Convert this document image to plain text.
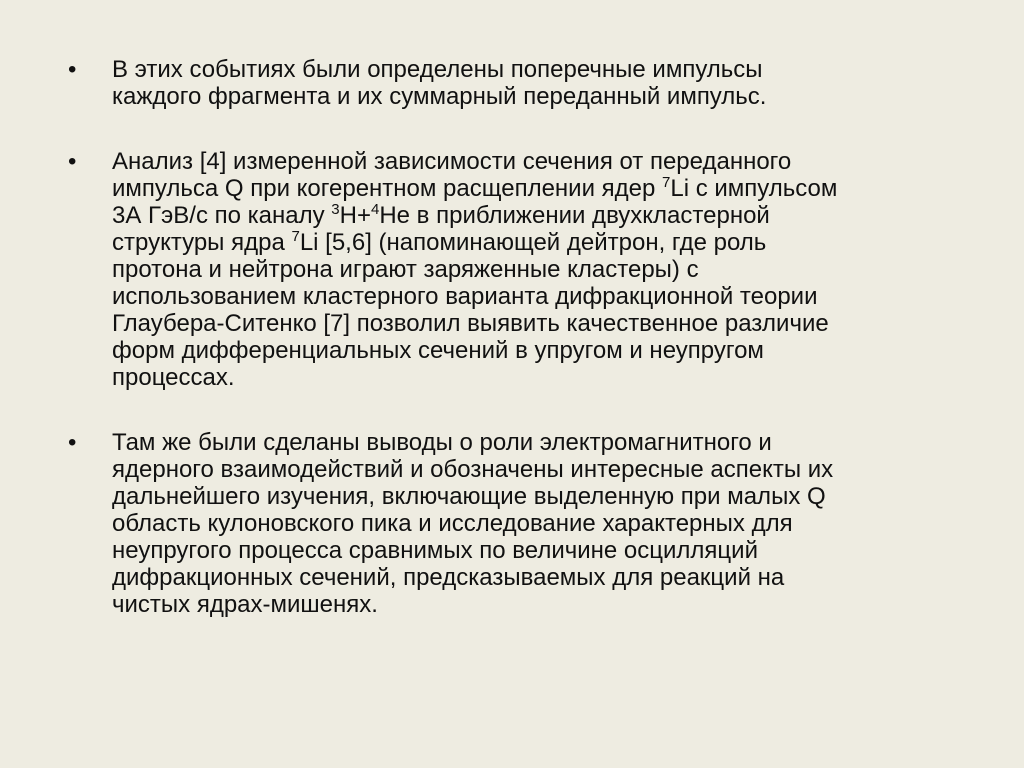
•	В этих событиях были определены поперечные импульсы
каждого фрагмента и их суммарный переданный импульс.
•	Анализ [4] измеренной зависимости сечения от переданного
импульса Q при когерентном расщеплении ядер $^7$Li с импульсом
3А ГэВ/с по каналу $^3$H+$^4$He в приближении двухкластерной
структуры ядра $^7$Li [5,6] (напоминающей дейтрон, где роль
протона и нейтрона играют заряженные кластеры) с
использованием кластерного варианта дифракционной теории
Глаубера-Ситенко [7] позволил выявить качественное различие
форм дифференциальных сечений в упругом и неупругом
процессах.
•	Там же были сделаны выводы о роли электромагнитного и
ядерного взаимодействий и обозначены интересные аспекты их
дальнейшего изучения, включающие выделенную при малых Q
область кулоновского пика и исследование характерных для
неупругого процесса сравнимых по величине осцилляций
дифракционных сечений, предсказываемых для реакций на
чистых ядрах-мишенях.
